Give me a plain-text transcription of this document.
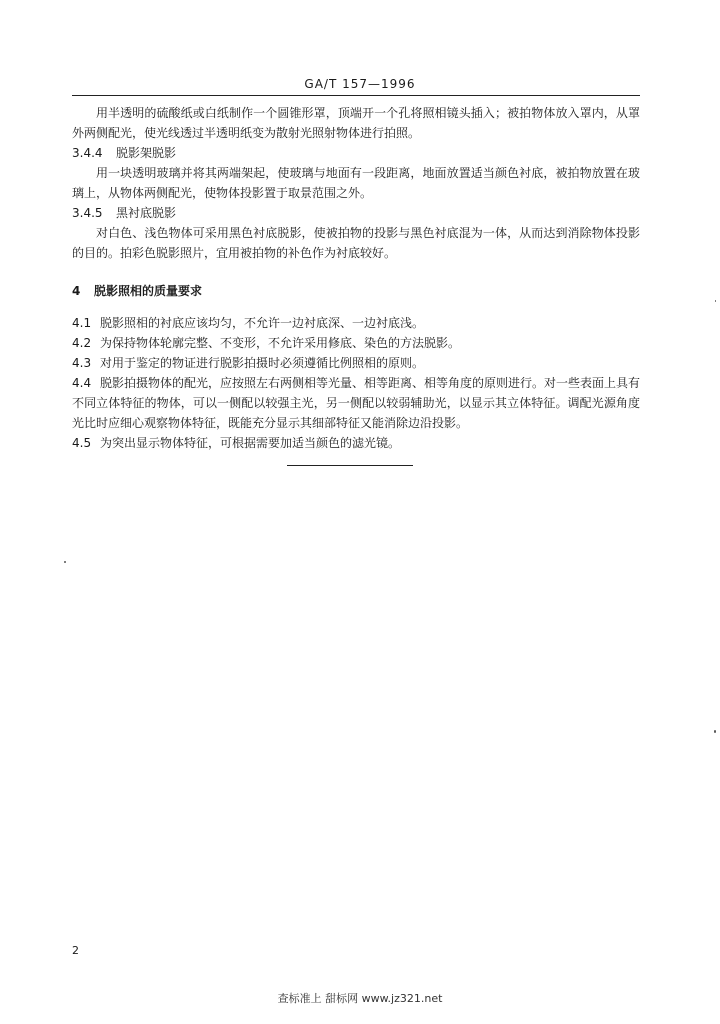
GA/T 157—1996

用半透明的硫酸纸或白纸制作一个圆锥形罩，顶端开一个孔将照相镜头插入；被拍物体放入罩内，从罩外两侧配光，使光线透过半透明纸变为散射光照射物体进行拍照。

3.4.4 脱影架脱影

用一块透明玻璃并将其两端架起，使玻璃与地面有一段距离，地面放置适当颜色衬底，被拍物放置在玻璃上，从物体两侧配光，使物体投影置于取景范围之外。

3.4.5 黑衬底脱影

对白色、浅色物体可采用黑色衬底脱影，使被拍物的投影与黑色衬底混为一体，从而达到消除物体投影的目的。拍彩色脱影照片，宜用被拍物的补色作为衬底较好。

4 脱影照相的质量要求

4.1 脱影照相的衬底应该均匀，不允许一边衬底深、一边衬底浅。

4.2 为保持物体轮廓完整、不变形，不允许采用修底、染色的方法脱影。

4.3 对用于鉴定的物证进行脱影拍摄时必须遵循比例照相的原则。

4.4 脱影拍摄物体的配光，应按照左右两侧相等光量、相等距离、相等角度的原则进行。对一些表面上具有不同立体特征的物体，可以一侧配以较强主光，另一侧配以较弱辅助光，以显示其立体特征。调配光源角度光比时应细心观察物体特征，既能充分显示其细部特征又能消除边沿投影。

4.5 为突出显示物体特征，可根据需要加适当颜色的滤光镜。

2
查标准上 甜标网 www.jz321.net
